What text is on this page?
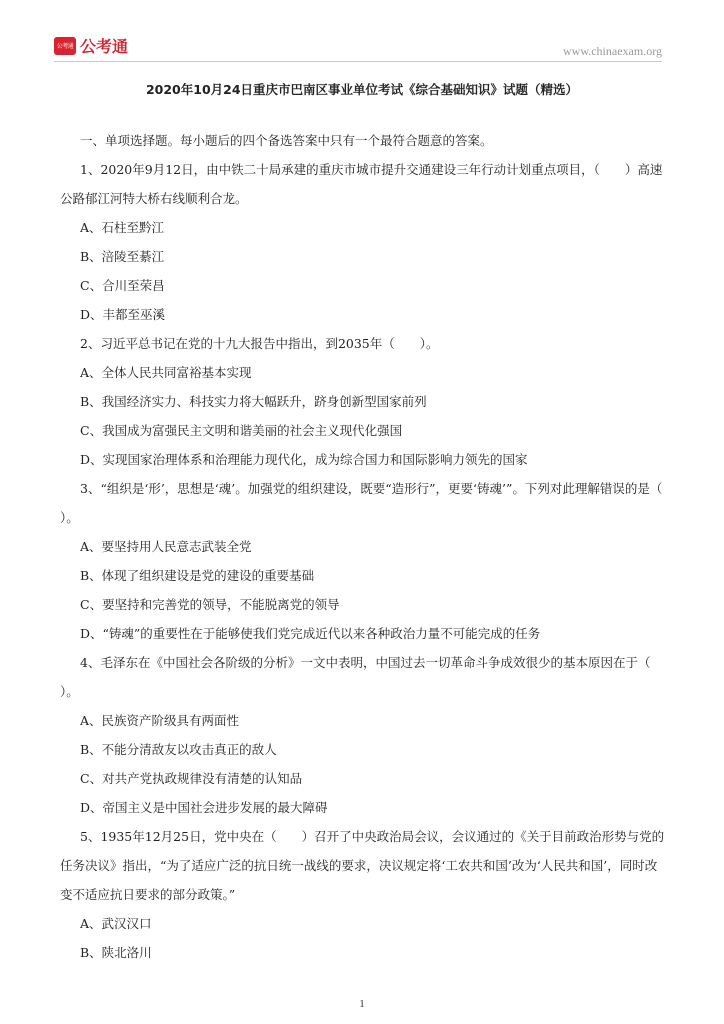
公考通 公考通	www.chinaexam.org
2020年10月24日重庆市巴南区事业单位考试《综合基础知识》试题（精选）
一、单项选择题。每小题后的四个备选答案中只有一个最符合题意的答案。
1、2020年9月12日，由中铁二十局承建的重庆市城市提升交通建设三年行动计划重点项目，（　　）高速
公路郁江河特大桥右线顺利合龙。
A、石柱至黔江
B、涪陵至綦江
C、合川至荣昌
D、丰都至巫溪
2、习近平总书记在党的十九大报告中指出，到2035年（　　）。
A、全体人民共同富裕基本实现
B、我国经济实力、科技实力将大幅跃升，跻身创新型国家前列
C、我国成为富强民主文明和谐美丽的社会主义现代化强国
D、实现国家治理体系和治理能力现代化，成为综合国力和国际影响力领先的国家
3、“组织是‘形’，思想是‘魂’。加强党的组织建设，既要“造形行”，更要‘铸魂’”。下列对此理解错误的是（
）。
A、要坚持用人民意志武装全党
B、体现了组织建设是党的建设的重要基础
C、要坚持和完善党的领导，不能脱离党的领导
D、“铸魂”的重要性在于能够使我们党完成近代以来各种政治力量不可能完成的任务
4、毛泽东在《中国社会各阶级的分析》一文中表明，中国过去一切革命斗争成效很少的基本原因在于（
）。
A、民族资产阶级具有两面性
B、不能分清敌友以攻击真正的敌人
C、对共产党执政规律没有清楚的认知品
D、帝国主义是中国社会进步发展的最大障碍
5、1935年12月25日，党中央在（　　）召开了中央政治局会议，会议通过的《关于目前政治形势与党的
任务决议》指出，“为了适应广泛的抗日统一战线的要求，决议规定将‘工农共和国’改为‘人民共和国’，同时改
变不适应抗日要求的部分政策。”
A、武汉汉口
B、陕北洛川
1
